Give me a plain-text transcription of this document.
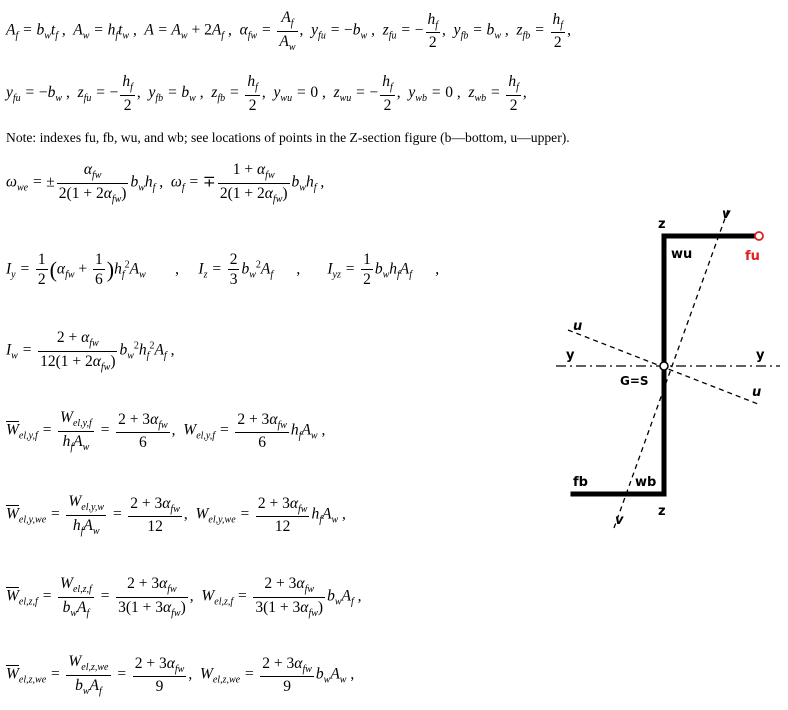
$A_f = b_wt_f$ ,  $A_w = h_ft_w$ ,  $A = A_w + 2A_f$ ,  $\alpha_{fw} = \frac{A_f}{A_w}$ ,  $y_{fu} = -b_w$ ,  $z_{fu}$ = − $\frac{h_f}{2}$ ,  $y_{fb} = b_w$ ,  $z_{fb} = \frac{h_f}{2}$ ,
$y_{fu} = -b_w$ ,  $z_{fu}$ = − $\frac{h_f}{2}$ ,  $y_{fb} = b_w$ ,  $z_{fb} = \frac{h_f}{2}$ ,  $y_{wu} = 0$ ,  $z_{wu}$ = − $\frac{h_f}{2}$ ,  $y_{wb} = 0$ ,  $z_{wb} = \frac{h_f}{2}$ ,
Note: indexes fu, fb, wu, and wb; see locations of points in the Z-section figure (b—bottom, u—upper).
$\omega_{we}$ = ± $\frac{\alpha_{fw}}{2(1 + 2\alpha_{fw})} b_wh_f$ ,  $\omega_f$ = ∓ $\frac{1 + \alpha_{fw}}{2(1 + 2\alpha_{fw})} b_wh_f$ ,
$I_y = \frac{1}{2} (\alpha_{fw} + \frac{1}{6} )h_f^2A_w$     ,     $I_z = \frac{2}{3} b_w^2A_f$      ,       $I_{yz} = \frac{1}{2} b_wh_fA_f$      ,
$I_w = \frac{2 + \alpha_{fw}}{12(1 + 2\alpha_{fw})} b_w^2h_f^2A_f$ ,
$\overline{W}_{el,y,f} = \frac{W_{el,y,f}}{h_fA_w} = \frac{2 + 3\alpha_{fw}}{6}$ ,  $W_{el,y,f} = \frac{2 + 3\alpha_{fw}}{6} h_fA_w$ ,
$\overline{W}_{el,y,we} = \frac{W_{el,y,w}}{h_fA_w} = \frac{2 + 3\alpha_{fw}}{12}$ ,  $W_{el,y,we} = \frac{2 + 3\alpha_{fw}}{12} h_fA_w$ ,
$\overline{W}_{el,z,f} = \frac{W_{el,z,f}}{b_wA_f} = \frac{2 + 3\alpha_{fw}}{3(1 + 3\alpha_{fw})}$ ,  $W_{el,z,f} = \frac{2 + 3\alpha_{fw}}{3(1 + 3\alpha_{fw})} b_wA_f$ ,
$\overline{W}_{el,z,we} = \frac{W_{el,z,we}}{b_wA_f} = \frac{2 + 3\alpha_{fw}}{9}$ ,  $W_{el,z,we} = \frac{2 + 3\alpha_{fw}}{9} b_wA_w$ ,
z
z
v
v
u
u
y	y
G=S
wu
wb
fu
fb
